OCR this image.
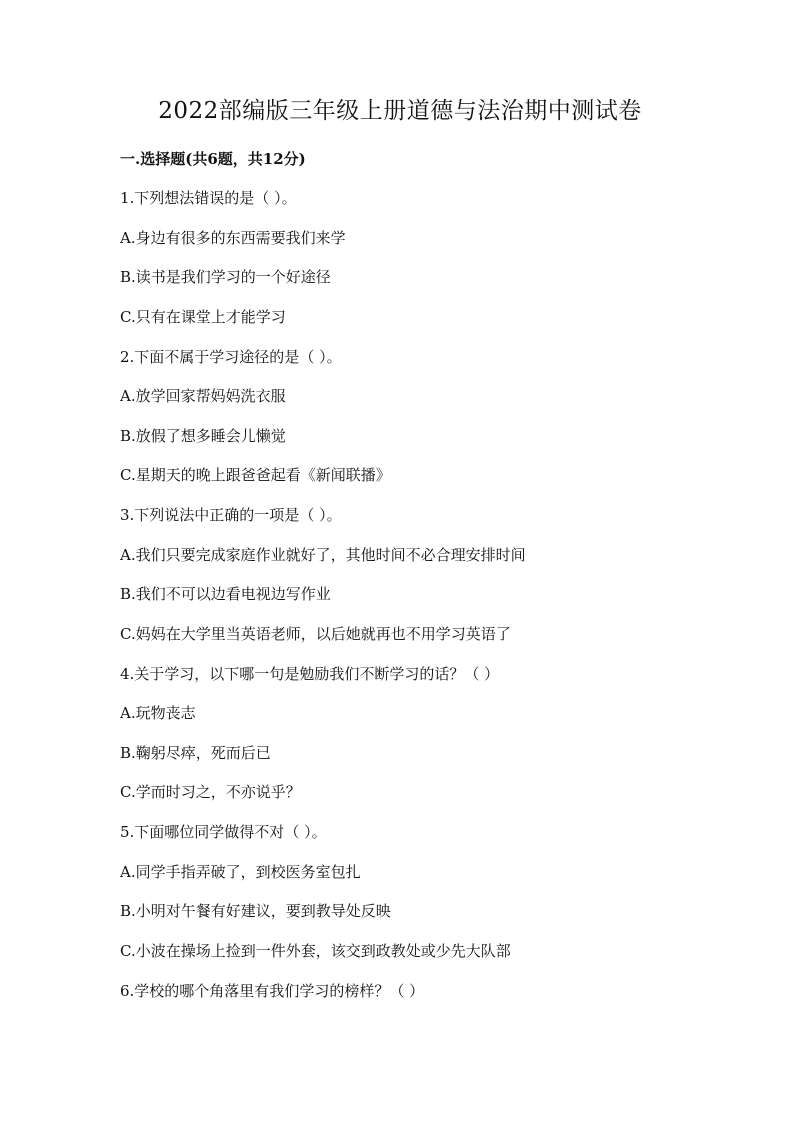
2022部编版三年级上册道德与法治期中测试卷
一.选择题(共6题，共12分)
1.下列想法错误的是（ ）。
A.身边有很多的东西需要我们来学
B.读书是我们学习的一个好途径
C.只有在课堂上才能学习
2.下面不属于学习途径的是（ ）。
A.放学回家帮妈妈洗衣服
B.放假了想多睡会儿懒觉
C.星期天的晚上跟爸爸起看《新闻联播》
3.下列说法中正确的一项是（ ）。
A.我们只要完成家庭作业就好了，其他时间不必合理安排时间
B.我们不可以边看电视边写作业
C.妈妈在大学里当英语老师，以后她就再也不用学习英语了
4.关于学习，以下哪一句是勉励我们不断学习的话？（ ）
A.玩物丧志
B.鞠躬尽瘁，死而后已
C.学而时习之，不亦说乎？
5.下面哪位同学做得不对（ ）。
A.同学手指弄破了，到校医务室包扎
B.小明对午餐有好建议，要到教导处反映
C.小波在操场上捡到一件外套，该交到政教处或少先大队部
6.学校的哪个角落里有我们学习的榜样？（ ）
